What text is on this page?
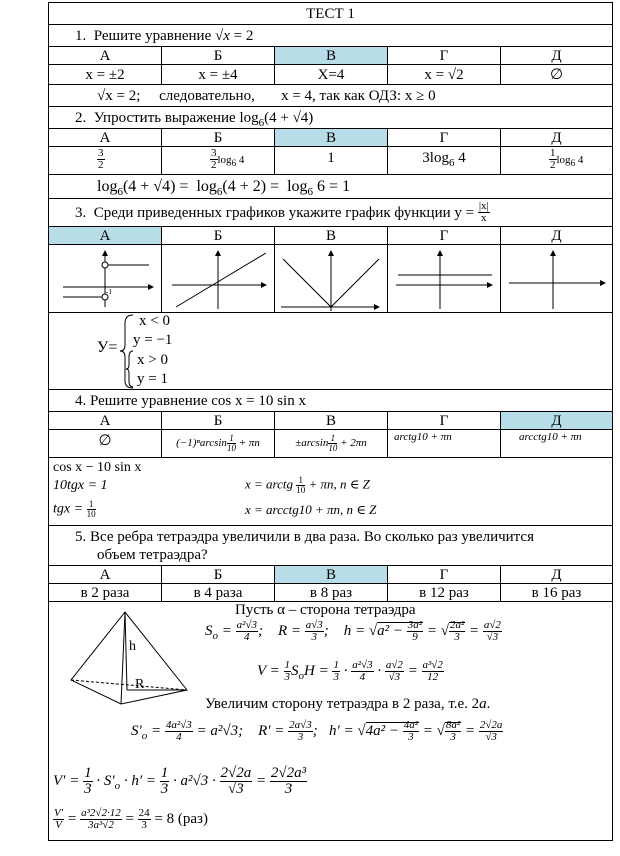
ТЕСТ 1
1.  Решите уравнение √x = 2
А	Б	В	Г	Д
x = ±2	x = ±4	X=4	x = √2	∅
√x = 2;     следовательно,       x = 4, так как ОДЗ: x ≥ 0
2.  Упростить выражение $\log_6(4 + √4)$
А	Б	В	Г	Д
$\frac{3}{2}$	$\frac{3}{2} \log_6 4$	1	$3\log_6$ 4	$\frac{1}{2} \log_6 4$
$\log_6(4 + √4) = \log_6(4 + 2) = \log_6 6 = 1$
3.  Среди приведенных графиков укажите график функции $y = \frac{|x|}{x}$
А	Б	В	Г	Д
-1
У=
x < 0
y = −1
x > 0
y = 1
4. Решите уравнение cos x = 10 sin x
А	Б	В	Г	Д
∅	$(-1)^n\arcsin \frac{1}{10} + \pi n$	$\pm\arcsin \frac{1}{10} + 2\pi n$	arctg10 + πn	arcctg10 + πn
cos x − 10 sin x
10tgx = 1	x = arctg $\frac{1}{10} + \pi n$, n ∈ Z
tgx = $\frac{1}{10}$	x = arcctg10 + πn, n ∈ Z
5. Все ребра тетраэдра увеличили в два раза. Во сколько раз увеличится
объем тетраэдра?
А	Б	В	Г	Д
в 2 раза	в 4 раза	в 8 раз	в 12 раз	в 16 раз
Пусть α – сторона тетраэдра
h
R
$S_o = \frac{\text{a²√3}}{4}$ ;    $R = \frac{a√3}{3}$ ;    $h = √a^2 - \frac{\text{3a²}}{9}$ = √ $\frac{\text{2a²}}{3} = \frac{a√2}{√3}$
$V = \frac{1}{3} S_oH = \frac{1}{3} \cdot \frac{\text{a²√3}}{4} \cdot \frac{a√2}{√3} = \frac{\text{a³√2}}{12}$
Увеличим сторону тетраэдра в 2 раза, т.е. 2a.
$S'_o = \frac{\text{4a²√3}}{4} = a^2√3$;    $R' = \frac{2a√3}{3}$ ;   $h' = √4a^2 - \frac{\text{4a²}}{3}$ = √ $\frac{\text{8a²}}{3} = \frac{2√2a}{√3}$
$V' = \frac{1}{3} \cdot S'_o \cdot h' = \frac{1}{3} \cdot a^2√3 \cdot \frac{2√2a}{√3} = \frac{\text{2√2a³}}{3}$
$\frac{V'}{V} = \frac{\text{a³2√2·12}}{\text{3a³√2}} = \frac{24}{3} = 8$ (раз)
